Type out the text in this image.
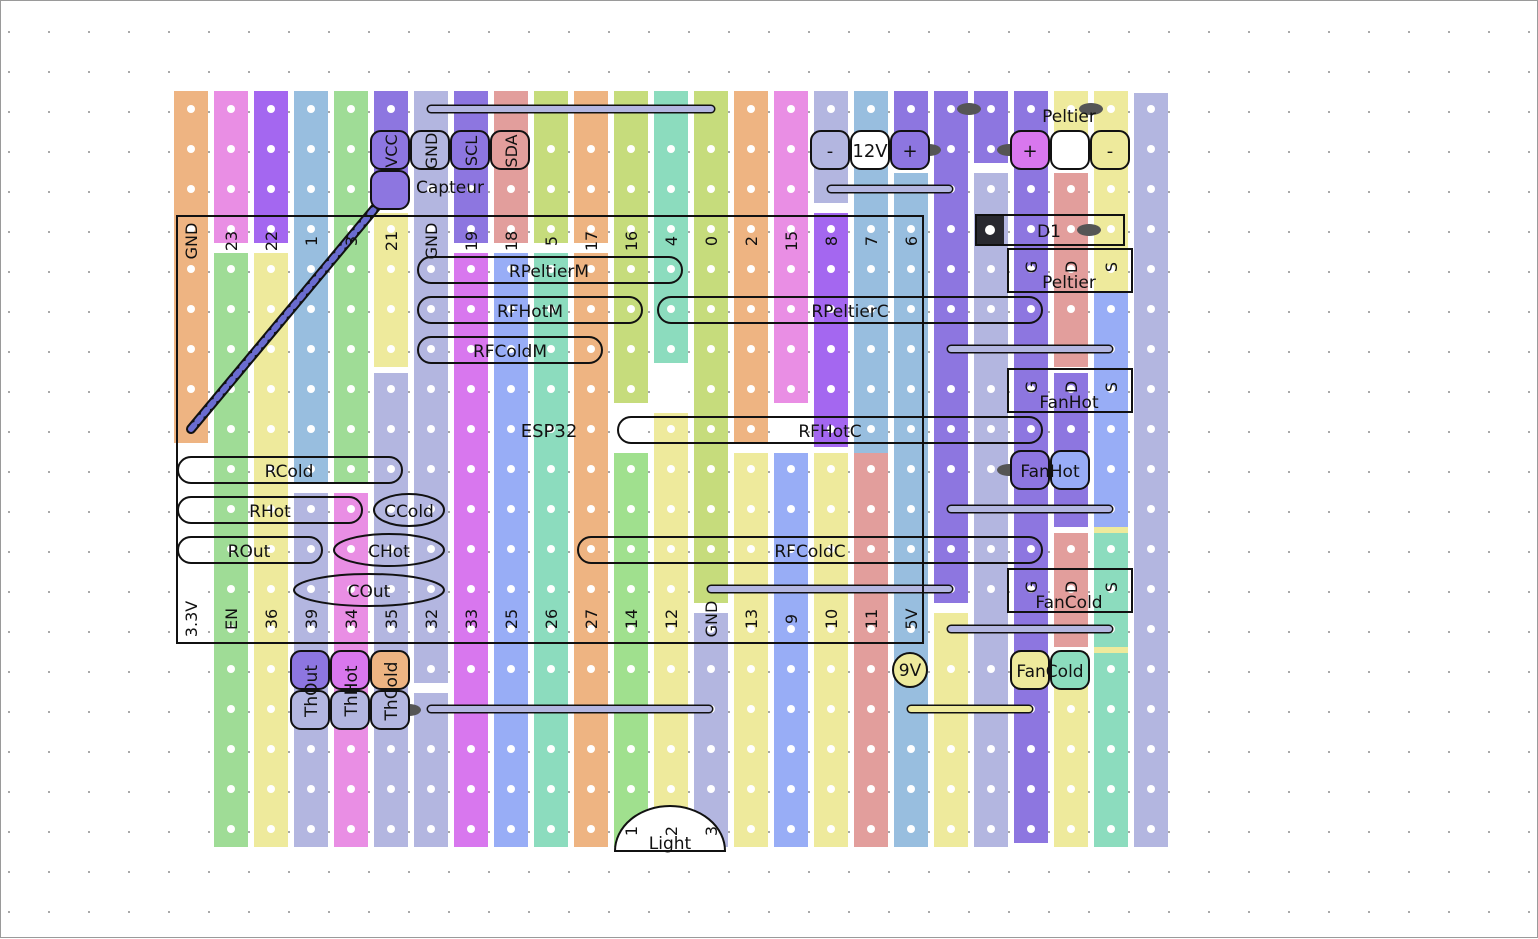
GND 23 22 1 3 21 GND 19 18 5 17 16 4 0 2 15 8 7 6
3.3V EN 36 39 34 35 32 33 25 26 27 14 12 GND 13 9 10 11 5V
ESP32
VCC GND SCL SDA
Capteur
- 12V +	+	-
Peltier
D1
G D S
Peltier
G D S
FanHot
G D S
FanCold
FanHot
FanCold
9V
RPeltierM
RFHotM
RFColdM
RPeltierC
RFHotC
RFColdC
RCold
RHot
ROut
CCold
CHot
COut
ThOut ThHot ThCold
1 2 3
Light
